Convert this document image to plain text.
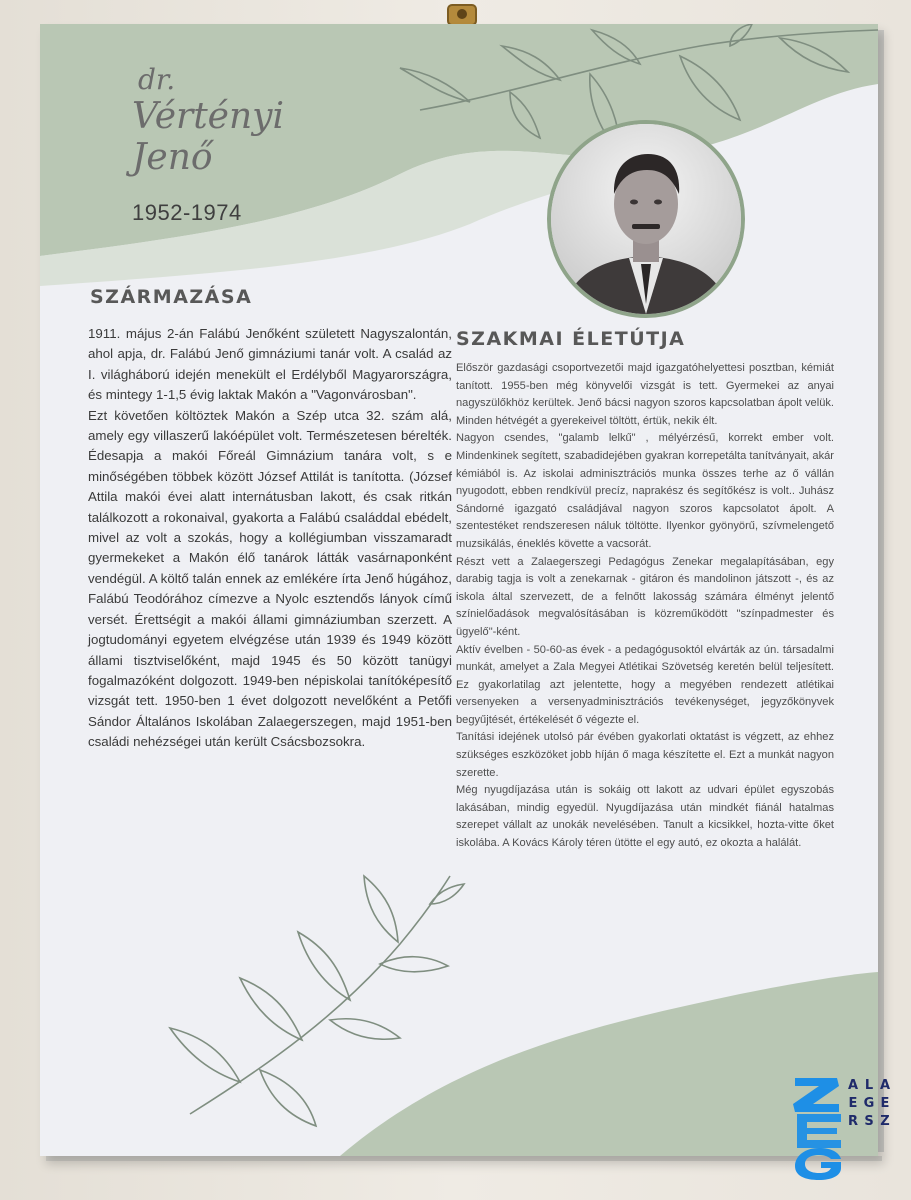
dr.

Vértényi

Jenő

1952-1974
SZÁRMAZÁSA

1911. május 2-án Falábú Jenőként született Nagyszalontán, ahol apja, dr. Falábú Jenő gimnáziumi tanár volt. A család az I. világháború idején menekült el Erdélyből Magyarországra, és mintegy 1-1,5 évig laktak Makón a "Vagonvárosban".

Ezt követően költöztek Makón a Szép utca 32. szám alá, amely egy villaszerű lakóépület volt. Természetesen bérelték. Édesapja a makói Főreál Gimnázium tanára volt, s e minőségében többek között József Attilát is tanította. (József Attila makói évei alatt internátusban lakott, és csak ritkán találkozott a rokonaival, gyakorta a Falábú családdal ebédelt, mivel az volt a szokás, hogy a kollégiumban visszamaradt gyermekeket a Makón élő tanárok látták vasárnaponként vendégül. A költő talán ennek az emlékére írta Jenő húgához, Falábú Teodórához címezve a Nyolc esztendős lányok című versét. Érettségit a makói állami gimnáziumban szerzett. A jogtudományi egyetem elvégzése után 1939 és 1949 között állami tisztviselőként, majd 1945 és 50 között tanügyi fogalmazóként dolgozott. 1949-ben népiskolai tanítóképesítő vizsgát tett. 1950-ben 1 évet dolgozott nevelőként a Petőfi Sándor Általános Iskolában Zalaegerszegen, majd 1951-ben családi nehézségei után került Csácsbozsokra.

SZAKMAI ÉLETÚTJA

Először gazdasági csoportvezetői majd igazgatóhelyettesi posztban, kémiát tanított. 1955-ben még könyvelői vizsgát is tett. Gyermekei az anyai nagyszülőkhöz kerültek. Jenő bácsi nagyon szoros kapcsolatban ápolt velük. Minden hétvégét a gyerekeivel töltött, értük, nekik élt.

Nagyon csendes, "galamb lelkű" , mélyérzésű, korrekt ember volt. Mindenkinek segített, szabadidejében gyakran korrepetálta tanítványait, akár kémiából is. Az iskolai adminisztrációs munka összes terhe az ő vállán nyugodott, ebben rendkívül precíz, naprakész és segítőkész is volt.. Juhász Sándorné igazgató családjával nagyon szoros kapcsolatot ápolt. A szentestéket rendszeresen náluk töltötte. Ilyenkor gyönyörű, szívmelengető muzsikálás, éneklés követte a vacsorát.

Részt vett a Zalaegerszegi Pedagógus Zenekar megalapításában, egy darabig tagja is volt a zenekarnak - gitáron és mandolinon játszott -, és az iskola által szervezett, de a felnőtt lakosság számára élményt jelentő színielőadások megvalósításában is közreműködött "színpadmester és ügyelő"-ként.

Aktív évelben - 50-60-as évek - a pedagógusoktól elvárták az ún. társadalmi munkát, amelyet a Zala Megyei Atlétikai Szövetség keretén belül teljesített. Ez gyakorlatilag azt jelentette, hogy a megyében rendezett atlétikai versenyeken a versenyadminisztrációs tevékenységet, jegyzőkönyvek begyűjtését, értékelését ő végezte el.

Tanítási idejének utolsó pár évében gyakorlati oktatást is végzett, az ehhez szükséges eszközöket jobb híján ő maga készítette el. Ezt a munkát nagyon szerette.

Még nyugdíjazása után is sokáig ott lakott az udvari épület egyszobás lakásában, mindig egyedül. Nyugdíjazása után mindkét fiánál hatalmas szerepet vállalt az unokák nevelésében. Tanult a kicsikkel, hozta-vitte őket iskolába. A Kovács Károly téren ütötte el egy autó, ez okozta a halálát.

A L A
E G E
R S Z
